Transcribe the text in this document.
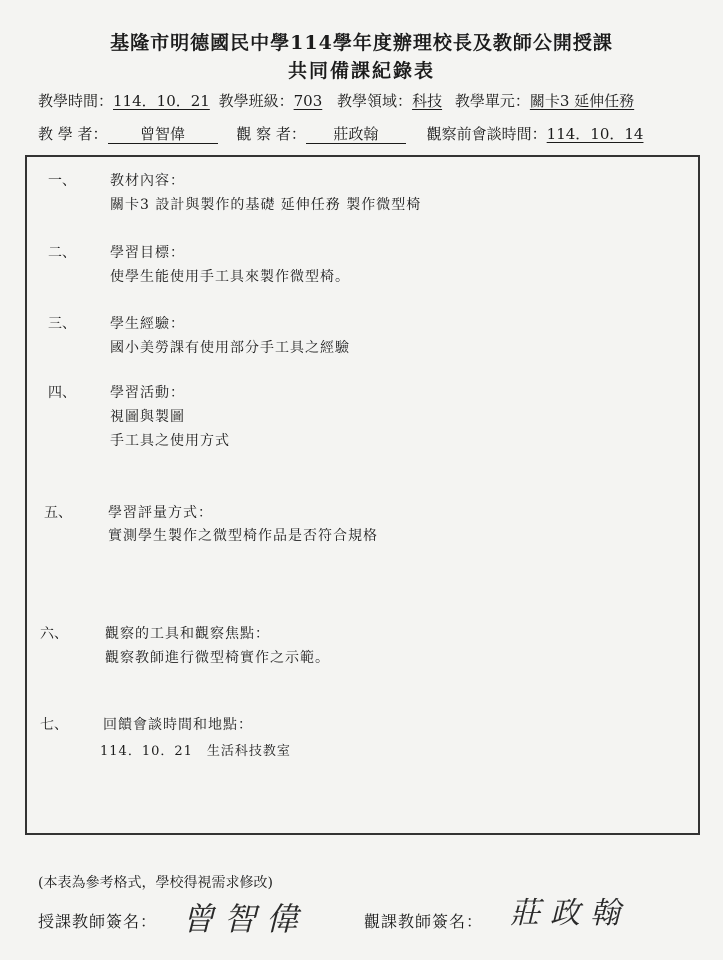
基隆市明德國民中學114學年度辦理校長及教師公開授課
共同備課紀錄表
教學時間：114．10．21 教學班級：703 教學領域：科技 教學單元：關卡3 延伸任務
教 學 者： 曾智偉	觀 察 者： 莊政翰	觀察前會談時間：114．10．14
一、 教材內容：
關卡3 設計與製作的基礎 延伸任務 製作微型椅
二、 學習目標：
使學生能使用手工具來製作微型椅。
三、 學生經驗：
國小美勞課有使用部分手工具之經驗
四、 學習活動：
視圖與製圖
手工具之使用方式
五、	學習評量方式：
實測學生製作之微型椅作品是否符合規格
六、	觀察的工具和觀察焦點：
觀察教師進行微型椅實作之示範。
七、	回饋會談時間和地點：
114．10．21　生活科技教室
(本表為參考格式，學校得視需求修改)
授課教師簽名： 曾智偉	觀課教師簽名： 莊政翰
